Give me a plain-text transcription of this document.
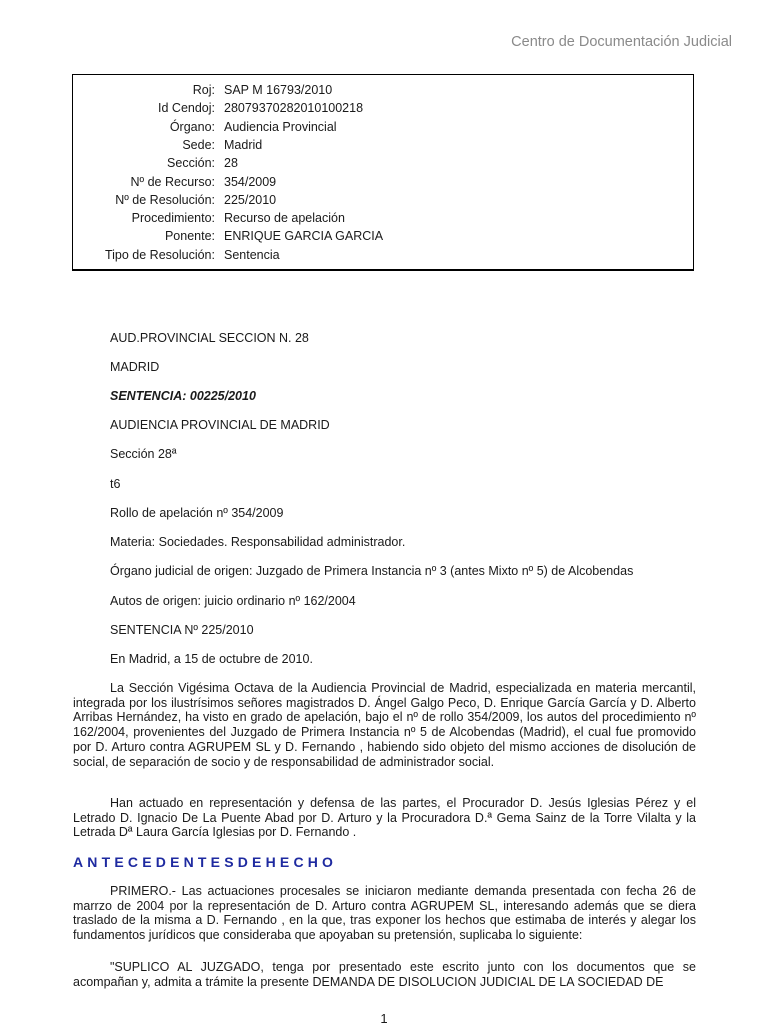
Centro de Documentación Judicial
Roj: SAP M 16793/2010
Id Cendoj: 28079370282010100218
Órgano: Audiencia Provincial
Sede: Madrid
Sección: 28
Nº de Recurso: 354/2009
Nº de Resolución: 225/2010
Procedimiento: Recurso de apelación
Ponente: ENRIQUE GARCIA GARCIA
Tipo de Resolución: Sentencia
AUD.PROVINCIAL SECCION N. 28
MADRID
SENTENCIA: 00225/2010
AUDIENCIA PROVINCIAL DE MADRID
Sección 28ª
t6
Rollo de apelación nº 354/2009
Materia: Sociedades. Responsabilidad administrador.
Órgano judicial de origen: Juzgado de Primera Instancia nº 3 (antes Mixto nº 5) de Alcobendas
Autos de origen: juicio ordinario nº 162/2004
SENTENCIA Nº 225/2010
En Madrid, a 15 de octubre de 2010.

La Sección Vigésima Octava de la Audiencia Provincial de Madrid, especializada en materia mercantil, integrada por los ilustrísimos señores magistrados D. Ángel Galgo Peco, D. Enrique García García y D. Alberto Arribas Hernández, ha visto en grado de apelación, bajo el nº de rollo 354/2009, los autos del procedimiento nº 162/2004, provenientes del Juzgado de Primera Instancia nº 5 de Alcobendas (Madrid), el cual fue promovido por D. Arturo contra AGRUPEM SL y D. Fernando , habiendo sido objeto del mismo acciones de disolución de social, de separación de socio y de responsabilidad de administrador social.

Han actuado en representación y defensa de las partes, el Procurador D. Jesús Iglesias Pérez y el Letrado D. Ignacio De La Puente Abad por D. Arturo y la Procuradora D.ª Gema Sainz de la Torre Vilalta y la Letrada Dª Laura García Iglesias por D. Fernando .

ANTECEDENTESDEHECHO

PRIMERO.- Las actuaciones procesales se iniciaron mediante demanda presentada con fecha 26 de marrzo de 2004 por la representación de D. Arturo contra AGRUPEM SL, interesando además que se diera traslado de la misma a D. Fernando , en la que, tras exponer los hechos que estimaba de interés y alegar los fundamentos jurídicos que consideraba que apoyaban su pretensión, suplicaba lo siguiente:

"SUPLICO AL JUZGADO, tenga por presentado este escrito junto con los documentos que se acompañan y, admita a trámite la presente DEMANDA DE DISOLUCION JUDICIAL DE LA SOCIEDAD DE

1
